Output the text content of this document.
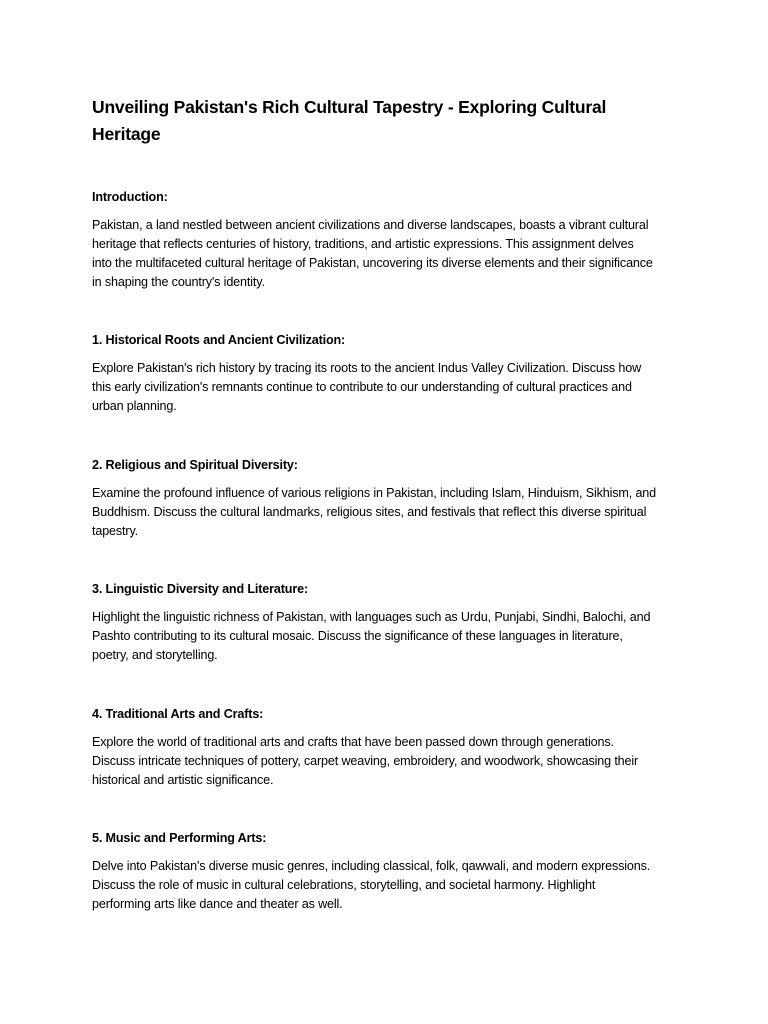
Unveiling Pakistan's Rich Cultural Tapestry - Exploring Cultural
Heritage
Introduction:
Pakistan, a land nestled between ancient civilizations and diverse landscapes, boasts a vibrant cultural
heritage that reflects centuries of history, traditions, and artistic expressions. This assignment delves
into the multifaceted cultural heritage of Pakistan, uncovering its diverse elements and their significance
in shaping the country's identity.
1. Historical Roots and Ancient Civilization:
Explore Pakistan's rich history by tracing its roots to the ancient Indus Valley Civilization. Discuss how
this early civilization's remnants continue to contribute to our understanding of cultural practices and
urban planning.
2. Religious and Spiritual Diversity:
Examine the profound influence of various religions in Pakistan, including Islam, Hinduism, Sikhism, and
Buddhism. Discuss the cultural landmarks, religious sites, and festivals that reflect this diverse spiritual
tapestry.
3. Linguistic Diversity and Literature:
Highlight the linguistic richness of Pakistan, with languages such as Urdu, Punjabi, Sindhi, Balochi, and
Pashto contributing to its cultural mosaic. Discuss the significance of these languages in literature,
poetry, and storytelling.
4. Traditional Arts and Crafts:
Explore the world of traditional arts and crafts that have been passed down through generations.
Discuss intricate techniques of pottery, carpet weaving, embroidery, and woodwork, showcasing their
historical and artistic significance.
5. Music and Performing Arts:
Delve into Pakistan's diverse music genres, including classical, folk, qawwali, and modern expressions.
Discuss the role of music in cultural celebrations, storytelling, and societal harmony. Highlight
performing arts like dance and theater as well.
